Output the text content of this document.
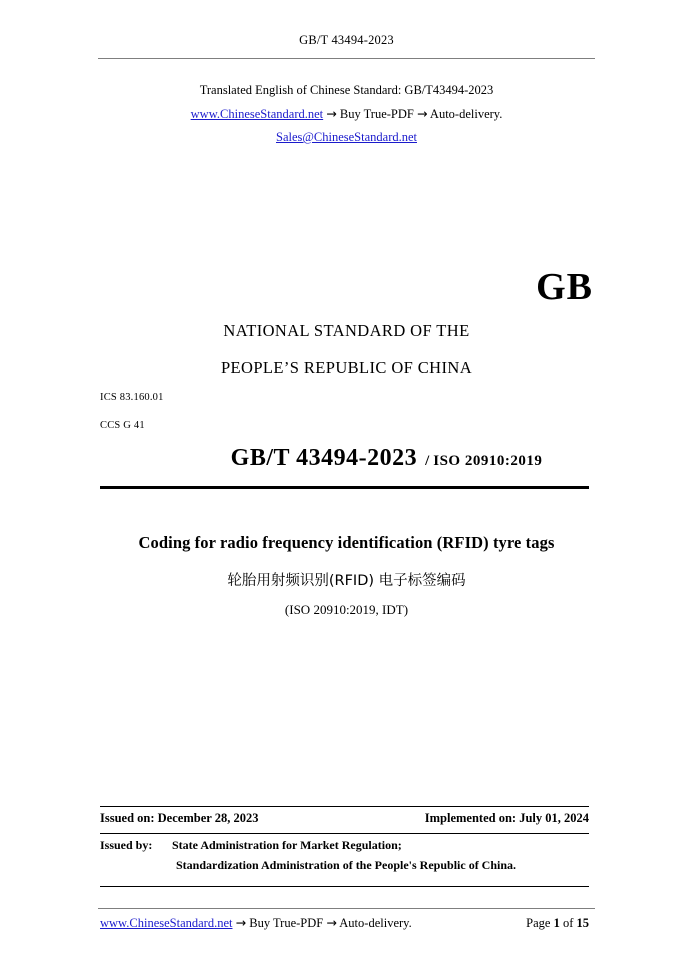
GB/T 43494-2023
Translated English of Chinese Standard: GB/T43494-2023
www.ChineseStandard.net → Buy True-PDF → Auto-delivery.
Sales@ChineseStandard.net
GB
NATIONAL STANDARD OF THE
PEOPLE’S REPUBLIC OF CHINA
ICS 83.160.01
CCS G 41
GB/T 43494-2023 / ISO 20910:2019
Coding for radio frequency identification (RFID) tyre tags
轮胎用射频识别(RFID) 电子标签编码
(ISO 20910:2019, IDT)
Issued on: December 28, 2023	Implemented on: July 01, 2024
Issued by: State Administration for Market Regulation;
Standardization Administration of the People's Republic of China.
www.ChineseStandard.net → Buy True-PDF → Auto-delivery.	Page 1 of 15
